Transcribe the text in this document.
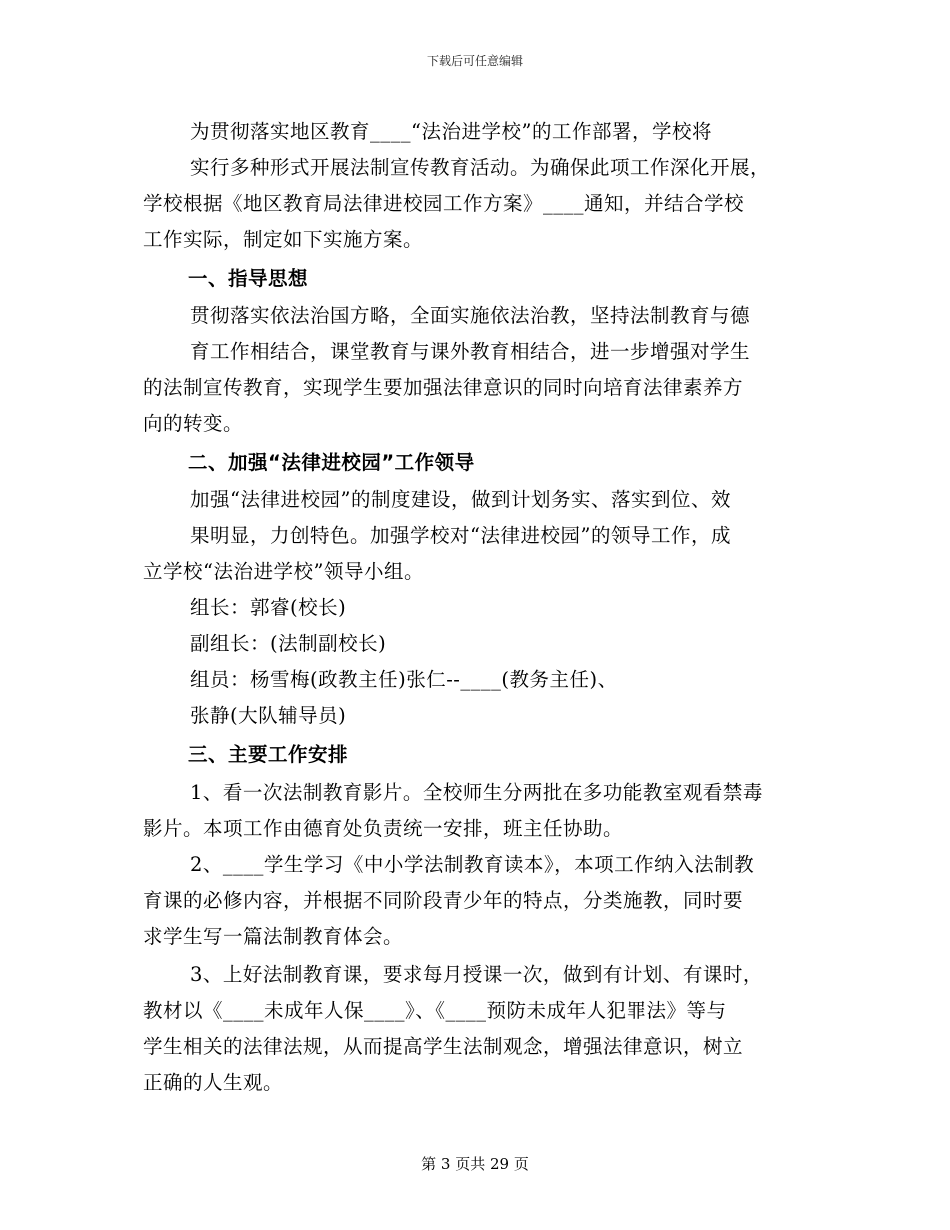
下载后可任意编辑
为贯彻落实地区教育____“法治进学校”的工作部署，学校将
实行多种形式开展法制宣传教育活动。为确保此项工作深化开展，
学校根据《地区教育局法律进校园工作方案》____通知，并结合学校
工作实际，制定如下实施方案。
一、指导思想
贯彻落实依法治国方略，全面实施依法治教，坚持法制教育与德
育工作相结合，课堂教育与课外教育相结合，进一步增强对学生
的法制宣传教育，实现学生要加强法律意识的同时向培育法律素养方
向的转变。
二、加强“法律进校园”工作领导
加强“法律进校园”的制度建设，做到计划务实、落实到位、效
果明显，力创特色。加强学校对“法律进校园”的领导工作，成
立学校“法治进学校”领导小组。
组长：郭睿(校长)
副组长：(法制副校长)
组员：杨雪梅(政教主任)张仁--____(教务主任)、
张静(大队辅导员)
三、主要工作安排
1、看一次法制教育影片。全校师生分两批在多功能教室观看禁毒
影片。本项工作由德育处负责统一安排，班主任协助。
2、____学生学习《中小学法制教育读本》，本项工作纳入法制教
育课的必修内容，并根据不同阶段青少年的特点，分类施教，同时要
求学生写一篇法制教育体会。
3、上好法制教育课，要求每月授课一次，做到有计划、有课时，
教材以《____未成年人保____》、《____预防未成年人犯罪法》等与
学生相关的法律法规，从而提高学生法制观念，增强法律意识，树立
正确的人生观。
第 3 页共 29 页
